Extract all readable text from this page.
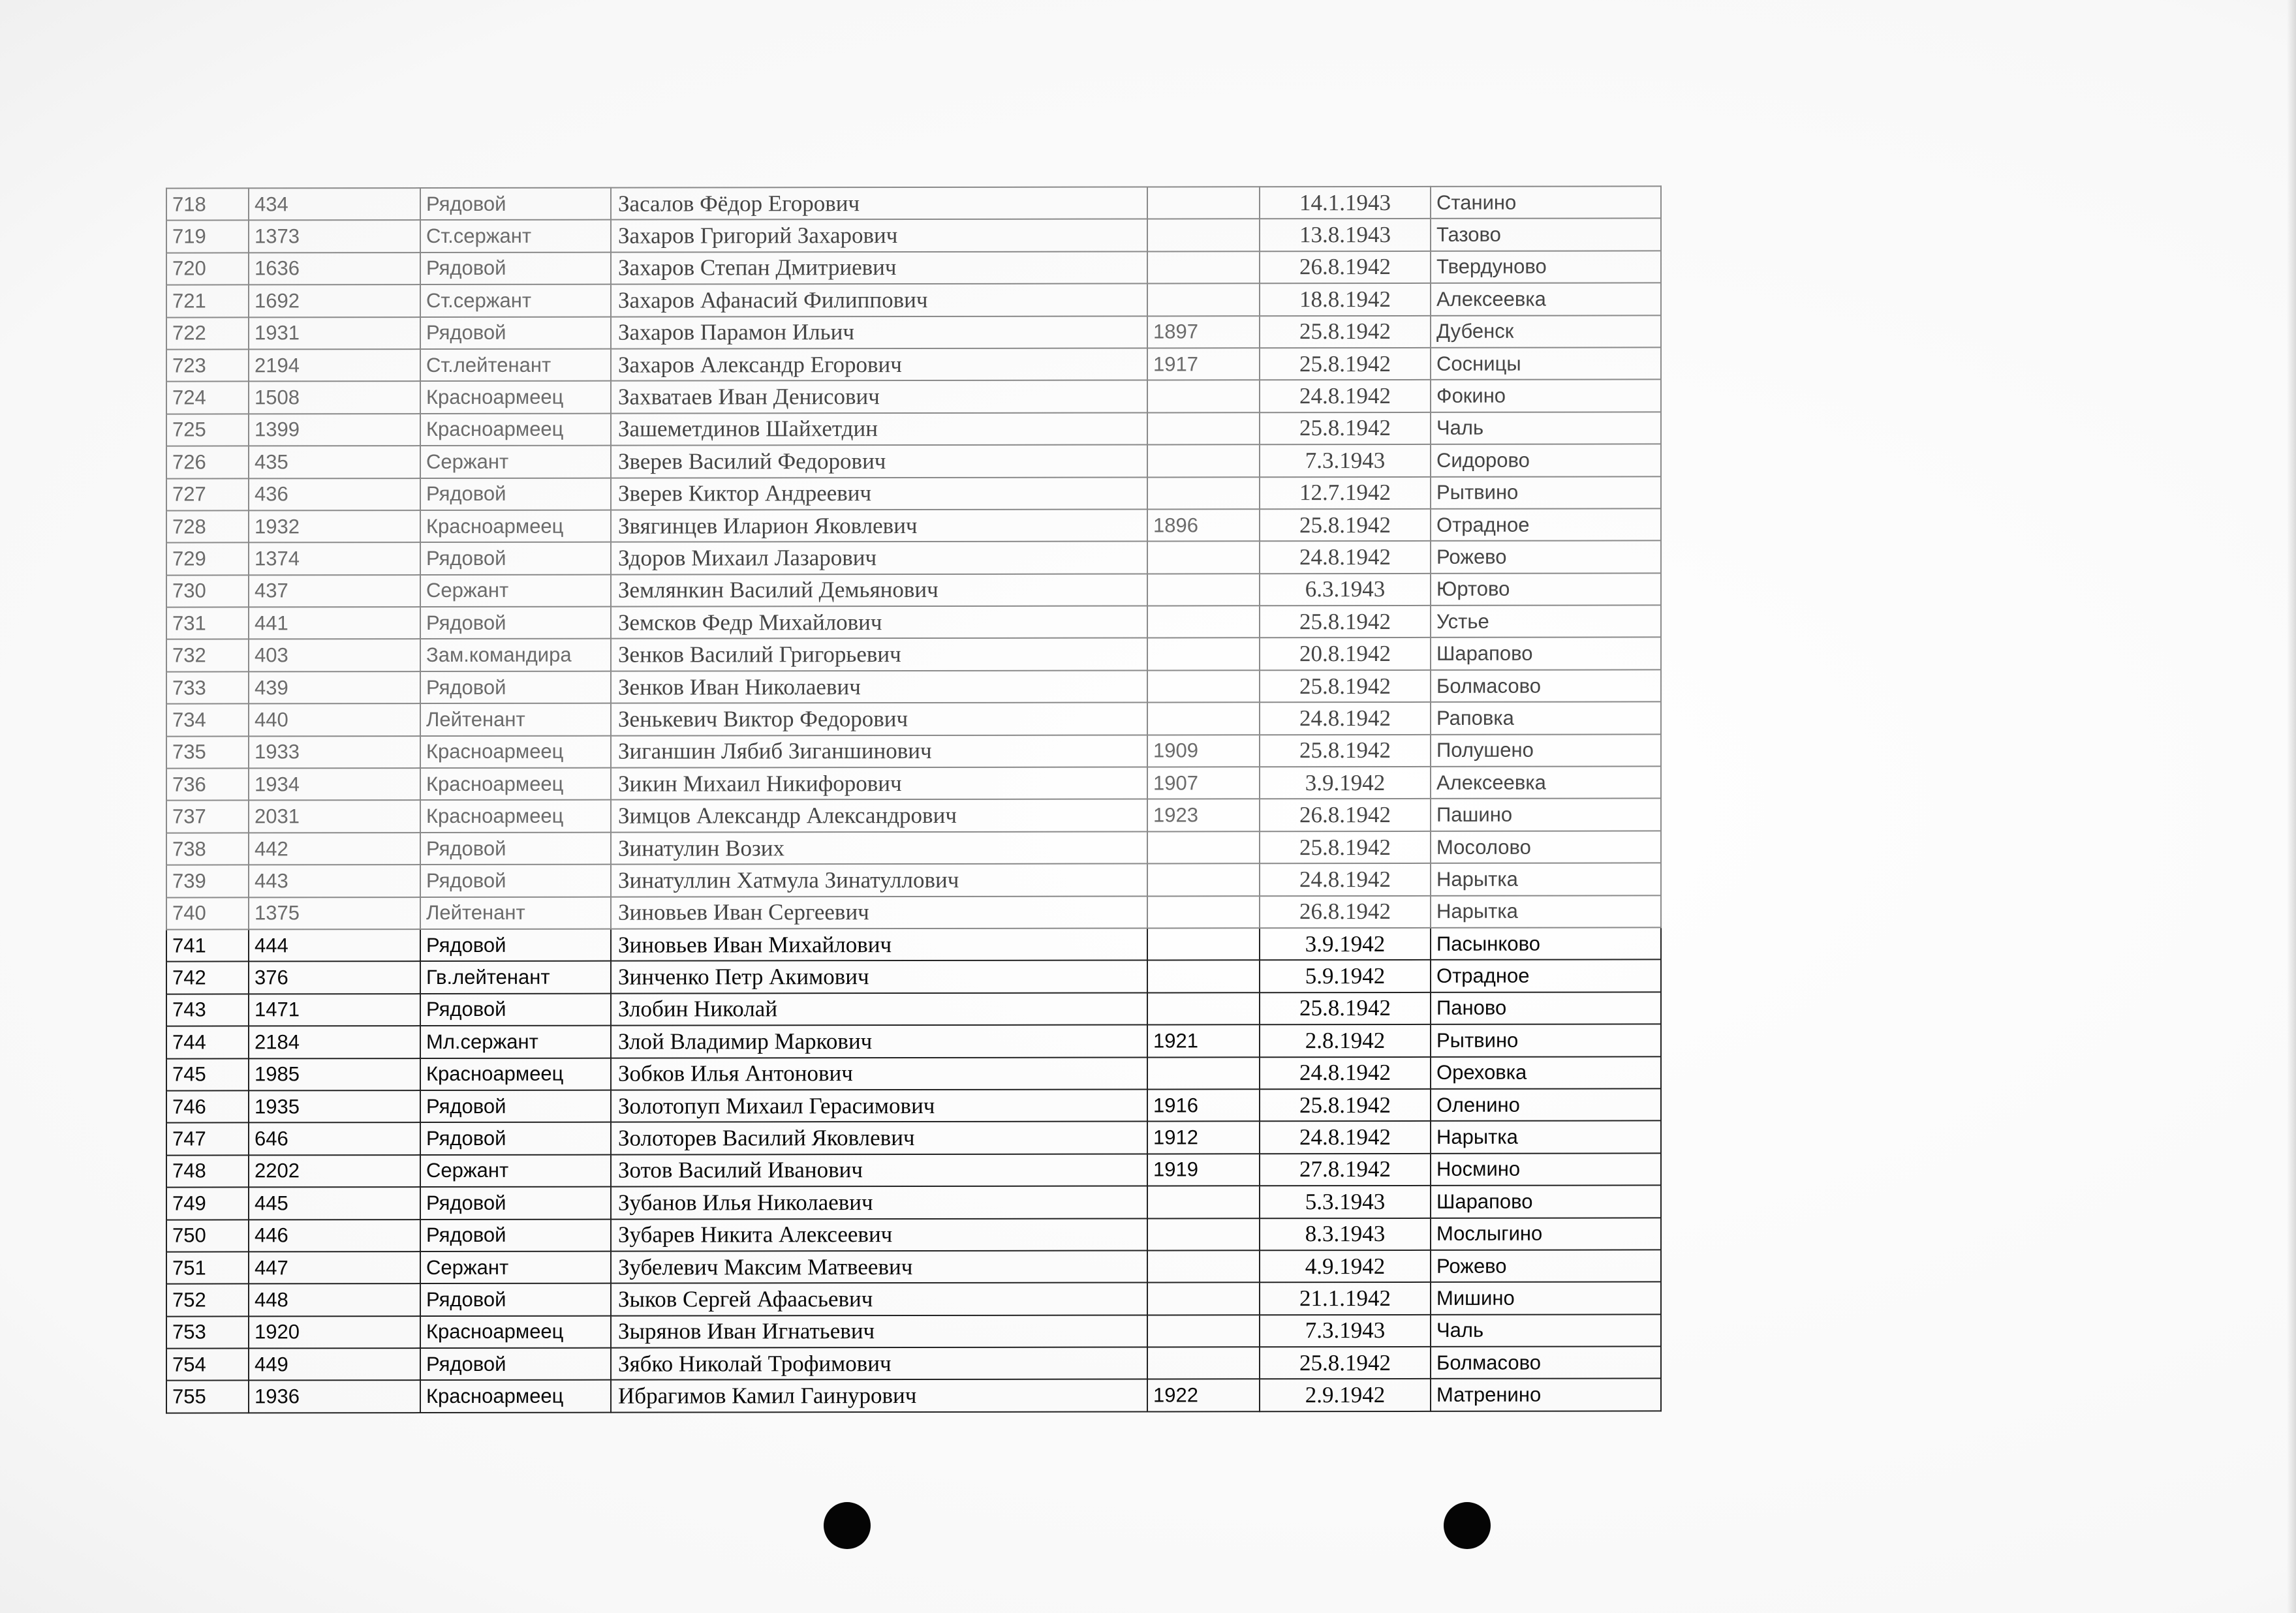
718	434	Рядовой	Засалов Фёдор Егорович		14.1.1943	Станино
719	1373	Ст.сержант	Захаров Григорий Захарович		13.8.1943	Тазово
720	1636	Рядовой	Захаров Степан Дмитриевич		26.8.1942	Твердуново
721	1692	Ст.сержант	Захаров Афанасий Филиппович		18.8.1942	Алексеевка
722	1931	Рядовой	Захаров Парамон Ильич	1897	25.8.1942	Дубенск
723	2194	Ст.лейтенант	Захаров Александр Егорович	1917	25.8.1942	Сосницы
724	1508	Красноармеец	Захватаев Иван Денисович		24.8.1942	Фокино
725	1399	Красноармеец	Зашеметдинов Шайхетдин		25.8.1942	Чаль
726	435	Сержант	Зверев Василий Федорович		7.3.1943	Сидорово
727	436	Рядовой	Зверев Киктор Андреевич		12.7.1942	Рытвино
728	1932	Красноармеец	Звягинцев Иларион Яковлевич	1896	25.8.1942	Отрадное
729	1374	Рядовой	Здоров Михаил Лазарович		24.8.1942	Рожево
730	437	Сержант	Землянкин Василий Демьянович		6.3.1943	Юртово
731	441	Рядовой	Земсков Федр Михайлович		25.8.1942	Устье
732	403	Зам.командира	Зенков Василий Григорьевич		20.8.1942	Шарапово
733	439	Рядовой	Зенков Иван Николаевич		25.8.1942	Болмасово
734	440	Лейтенант	Зенькевич Виктор Федорович		24.8.1942	Раповка
735	1933	Красноармеец	Зиганшин Лябиб Зиганшинович	1909	25.8.1942	Полушено
736	1934	Красноармеец	Зикин Михаил Никифорович	1907	3.9.1942	Алексеевка
737	2031	Красноармеец	Зимцов Александр Александрович	1923	26.8.1942	Пашино
738	442	Рядовой	Зинатулин Возих		25.8.1942	Мосолово
739	443	Рядовой	Зинатуллин Хатмула Зинатуллович		24.8.1942	Нарытка
740	1375	Лейтенант	Зиновьев Иван Сергеевич		26.8.1942	Нарытка
741	444	Рядовой	Зиновьев Иван Михайлович		3.9.1942	Пасынково
742	376	Гв.лейтенант	Зинченко Петр Акимович		5.9.1942	Отрадное
743	1471	Рядовой	Злобин Николай		25.8.1942	Паново
744	2184	Мл.сержант	Злой Владимир Маркович	1921	2.8.1942	Рытвино
745	1985	Красноармеец	Зобков Илья Антонович		24.8.1942	Ореховка
746	1935	Рядовой	Золотопуп Михаил Герасимович	1916	25.8.1942	Оленино
747	646	Рядовой	Золоторев Василий Яковлевич	1912	24.8.1942	Нарытка
748	2202	Сержант	Зотов Василий Иванович	1919	27.8.1942	Носмино
749	445	Рядовой	Зубанов Илья Николаевич		5.3.1943	Шарапово
750	446	Рядовой	Зубарев Никита Алексеевич		8.3.1943	Мослыгино
751	447	Сержант	Зубелевич Максим Матвеевич		4.9.1942	Рожево
752	448	Рядовой	Зыков Сергей Афаасьевич		21.1.1942	Мишино
753	1920	Красноармеец	Зырянов Иван Игнатьевич		7.3.1943	Чаль
754	449	Рядовой	Зябко Николай Трофимович		25.8.1942	Болмасово
755	1936	Красноармеец	Ибрагимов Камил Гаинурович	1922	2.9.1942	Матренино
